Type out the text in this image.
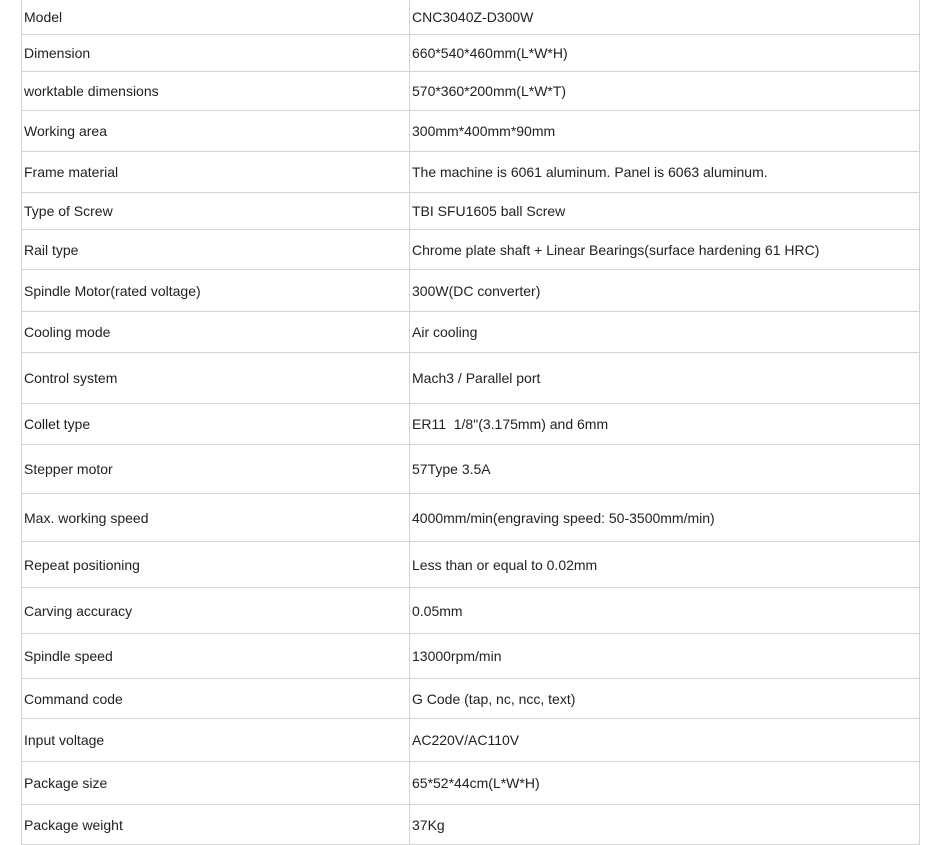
Model	CNC3040Z-D300W
Dimension	660*540*460mm(L*W*H)
worktable dimensions	570*360*200mm(L*W*T)
Working area	300mm*400mm*90mm
Frame material	The machine is 6061 aluminum. Panel is 6063 aluminum.
Type of Screw	TBI SFU1605 ball Screw
Rail type	Chrome plate shaft + Linear Bearings(surface hardening 61 HRC)
Spindle Motor(rated voltage)	300W(DC converter)
Cooling mode	Air cooling
Control system	Mach3 / Parallel port
Collet type	ER11  1/8"(3.175mm) and 6mm
Stepper motor	57Type 3.5A
Max. working speed	4000mm/min(engraving speed: 50-3500mm/min)
Repeat positioning	Less than or equal to 0.02mm
Carving accuracy	0.05mm
Spindle speed	13000rpm/min
Command code	G Code (tap, nc, ncc, text)
Input voltage	AC220V/AC110V
Package size	65*52*44cm(L*W*H)
Package weight	37Kg
